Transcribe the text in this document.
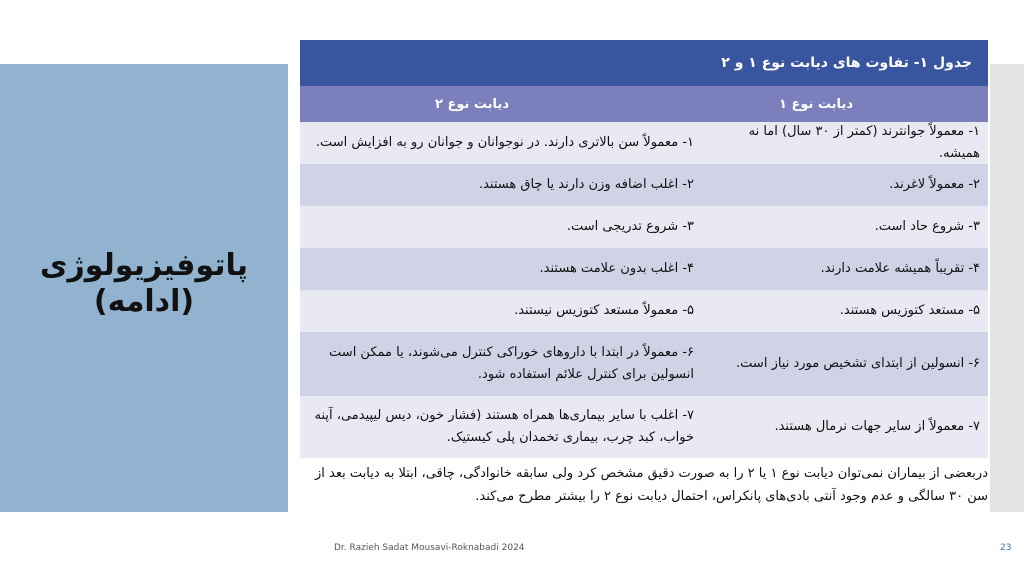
پاتوفیزیولوژی
(ادامه)
جدول ۱- تفاوت های دیابت نوع ۱ و ۲
دیابت نوع ۱
دیابت نوع ۲
۱- معمولاً جوانترند (کمتر از ۳۰ سال) اما نه همیشه.
۱- معمولاً سن بالاتری دارند. در نوجوانان و جوانان رو به افزایش است.
۲- معمولاً لاغرند.
۲- اغلب اضافه وزن دارند یا چاق هستند.
۳- شروع حاد است.
۳- شروع تدریجی است.
۴- تقریباً همیشه علامت دارند.
۴- اغلب بدون علامت هستند.
۵- مستعد کتوزیس هستند.
۵- معمولاً مستعد کتوزیس نیستند.
۶- انسولین از ابتدای تشخیص مورد نیاز است.
۶- معمولاً در ابتدا با داروهای خوراکی کنترل می‌شوند، یا ممکن است انسولین برای کنترل علائم استفاده شود.
۷- معمولاً از سایر جهات نرمال هستند.
۷- اغلب با سایر بیماری‌ها همراه هستند (فشار خون، دیس لیپیدمی، آپنه خواب، کبد چرب، بیماری تخمدان پلی کیستیک.
دربعضی از بیماران نمی‌توان دیابت نوع ۱ یا ۲ را به صورت دقیق مشخص کرد ولی سابقه خانوادگی، چاقی، ابتلا به دیابت بعد از سن ۳۰ سالگی و عدم وجود آنتی بادی‌های پانکراس، احتمال دیابت نوع ۲ را بیشتر مطرح می‌کند.
Dr. Razieh Sadat Mousavi-Roknabadi 2024	23
